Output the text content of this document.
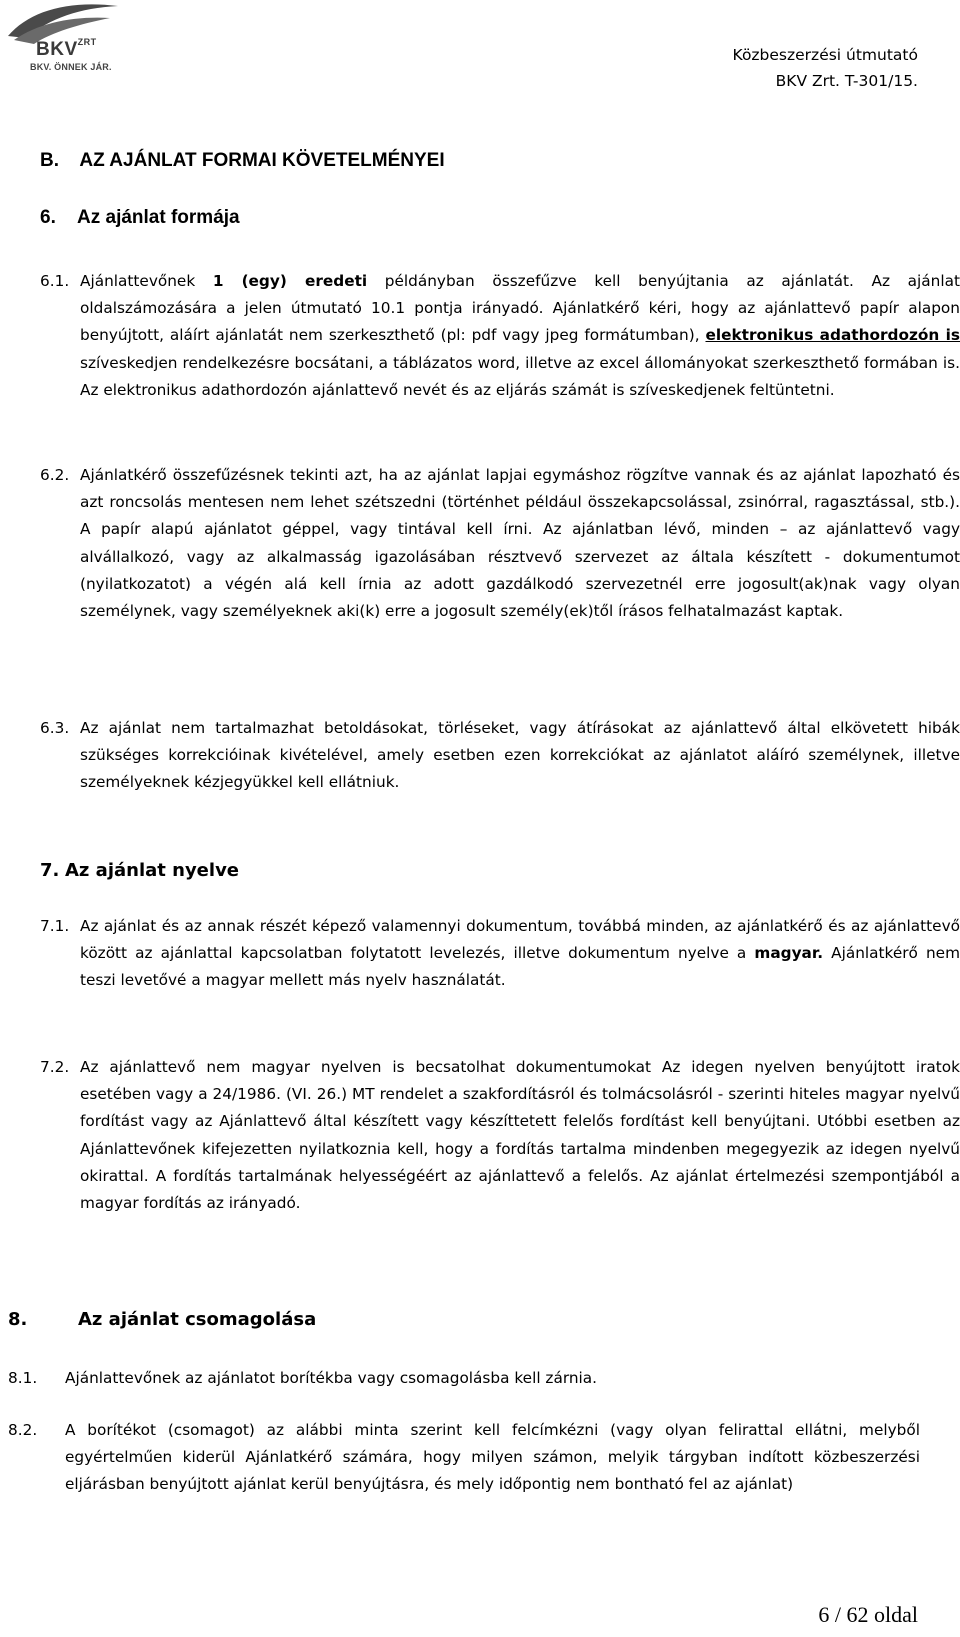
$BKV^{ZRT}$
BKV. ÖNNEK JÁR.
Közbeszerzési útmutató
BKV Zrt. T-301/15.
B.    AZ AJÁNLAT FORMAI KÖVETELMÉNYEI
6. Az ajánlat formája
6.1. Ajánlattevőnek 1 (egy) eredeti példányban összefűzve kell benyújtania az ajánlatát. Az ajánlat oldalszámozására a jelen útmutató 10.1 pontja irányadó. Ajánlatkérő kéri, hogy az ajánlattevő papír alapon benyújtott, aláírt ajánlatát nem szerkeszthető (pl: pdf vagy jpeg formátumban), elektronikus adathordozón is szíveskedjen rendelkezésre bocsátani, a táblázatos word, illetve az excel állományokat szerkeszthető formában is. Az elektronikus adathordozón ajánlattevő nevét és az eljárás számát is szíveskedjenek feltüntetni.
6.2. Ajánlatkérő összefűzésnek tekinti azt, ha az ajánlat lapjai egymáshoz rögzítve vannak és az ajánlat lapozható és azt roncsolás mentesen nem lehet szétszedni (történhet például összekapcsolással, zsinórral, ragasztással, stb.). A papír alapú ajánlatot géppel, vagy tintával kell írni. Az ajánlatban lévő, minden – az ajánlattevő vagy alvállalkozó, vagy az alkalmasság igazolásában résztvevő szervezet az általa készített - dokumentumot (nyilatkozatot) a végén alá kell írnia az adott gazdálkodó szervezetnél erre jogosult(ak)nak vagy olyan személynek, vagy személyeknek aki(k) erre a jogosult személy(ek)től írásos felhatalmazást kaptak.
6.3. Az ajánlat nem tartalmazhat betoldásokat, törléseket, vagy átírásokat az ajánlattevő által elkövetett hibák szükséges korrekcióinak kivételével, amely esetben ezen korrekciókat az ajánlatot aláíró személynek, illetve személyeknek kézjegyükkel kell ellátniuk.
7. Az ajánlat nyelve
7.1. Az ajánlat és az annak részét képező valamennyi dokumentum, továbbá minden, az ajánlatkérő és az ajánlattevő között az ajánlattal kapcsolatban folytatott levelezés, illetve dokumentum nyelve a magyar. Ajánlatkérő nem teszi levetővé a magyar mellett más nyelv használatát.
7.2. Az ajánlattevő nem magyar nyelven is becsatolhat dokumentumokat Az idegen nyelven benyújtott iratok esetében vagy a 24/1986. (VI. 26.) MT rendelet a szakfordításról és tolmácsolásról - szerinti hiteles magyar nyelvű fordítást vagy az Ajánlattevő által készített vagy készíttetett felelős fordítást kell benyújtani. Utóbbi esetben az Ajánlattevőnek kifejezetten nyilatkoznia kell, hogy a fordítás tartalma mindenben megegyezik az idegen nyelvű okirattal. A fordítás tartalmának helyességéért az ajánlattevő a felelős. Az ajánlat értelmezési szempontjából a magyar fordítás az irányadó.
8.	Az ajánlat csomagolása
8.1. Ajánlattevőnek az ajánlatot borítékba vagy csomagolásba kell zárnia.
8.2. A borítékot (csomagot) az alábbi minta szerint kell felcímkézni (vagy olyan felirattal ellátni, melyből egyértelműen kiderül Ajánlatkérő számára, hogy milyen számon, melyik tárgyban indított közbeszerzési eljárásban benyújtott ajánlat kerül benyújtásra, és mely időpontig nem bontható fel az ajánlat)
6 / 62 oldal
